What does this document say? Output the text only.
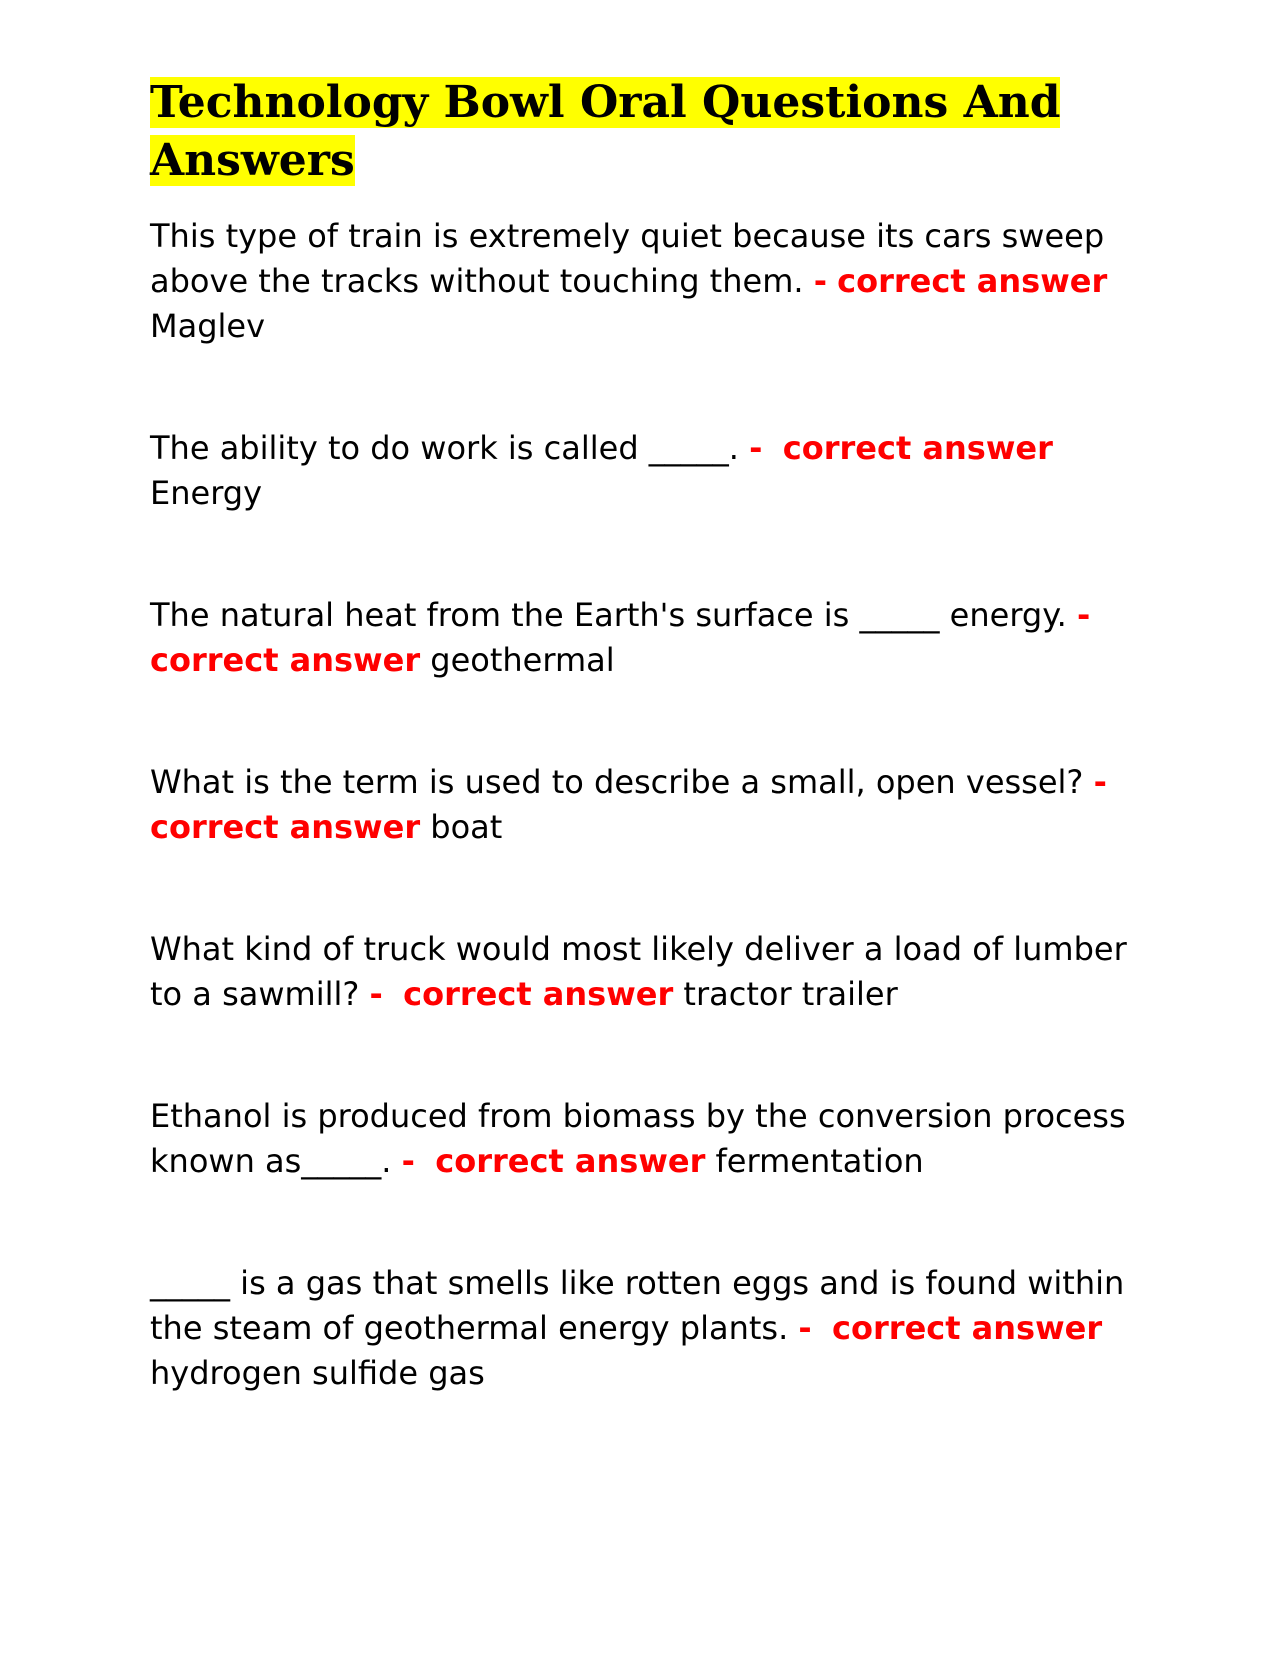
Technology Bowl Oral Questions And Answers

This type of train is extremely quiet because its cars sweep above the tracks without touching them. - correct answer Maglev

The ability to do work is called _____. - correct answer Energy

The natural heat from the Earth's surface is _____ energy. -  correct answer geothermal

What is the term is used to describe a small, open vessel? -  correct answer boat

What kind of truck would most likely deliver a load of lumber to a sawmill? - correct answer tractor trailer

Ethanol is produced from biomass by the conversion process known as_____. - correct answer fermentation

_____ is a gas that smells like rotten eggs and is found within the steam of geothermal energy plants. - correct answer hydrogen sulfide gas
